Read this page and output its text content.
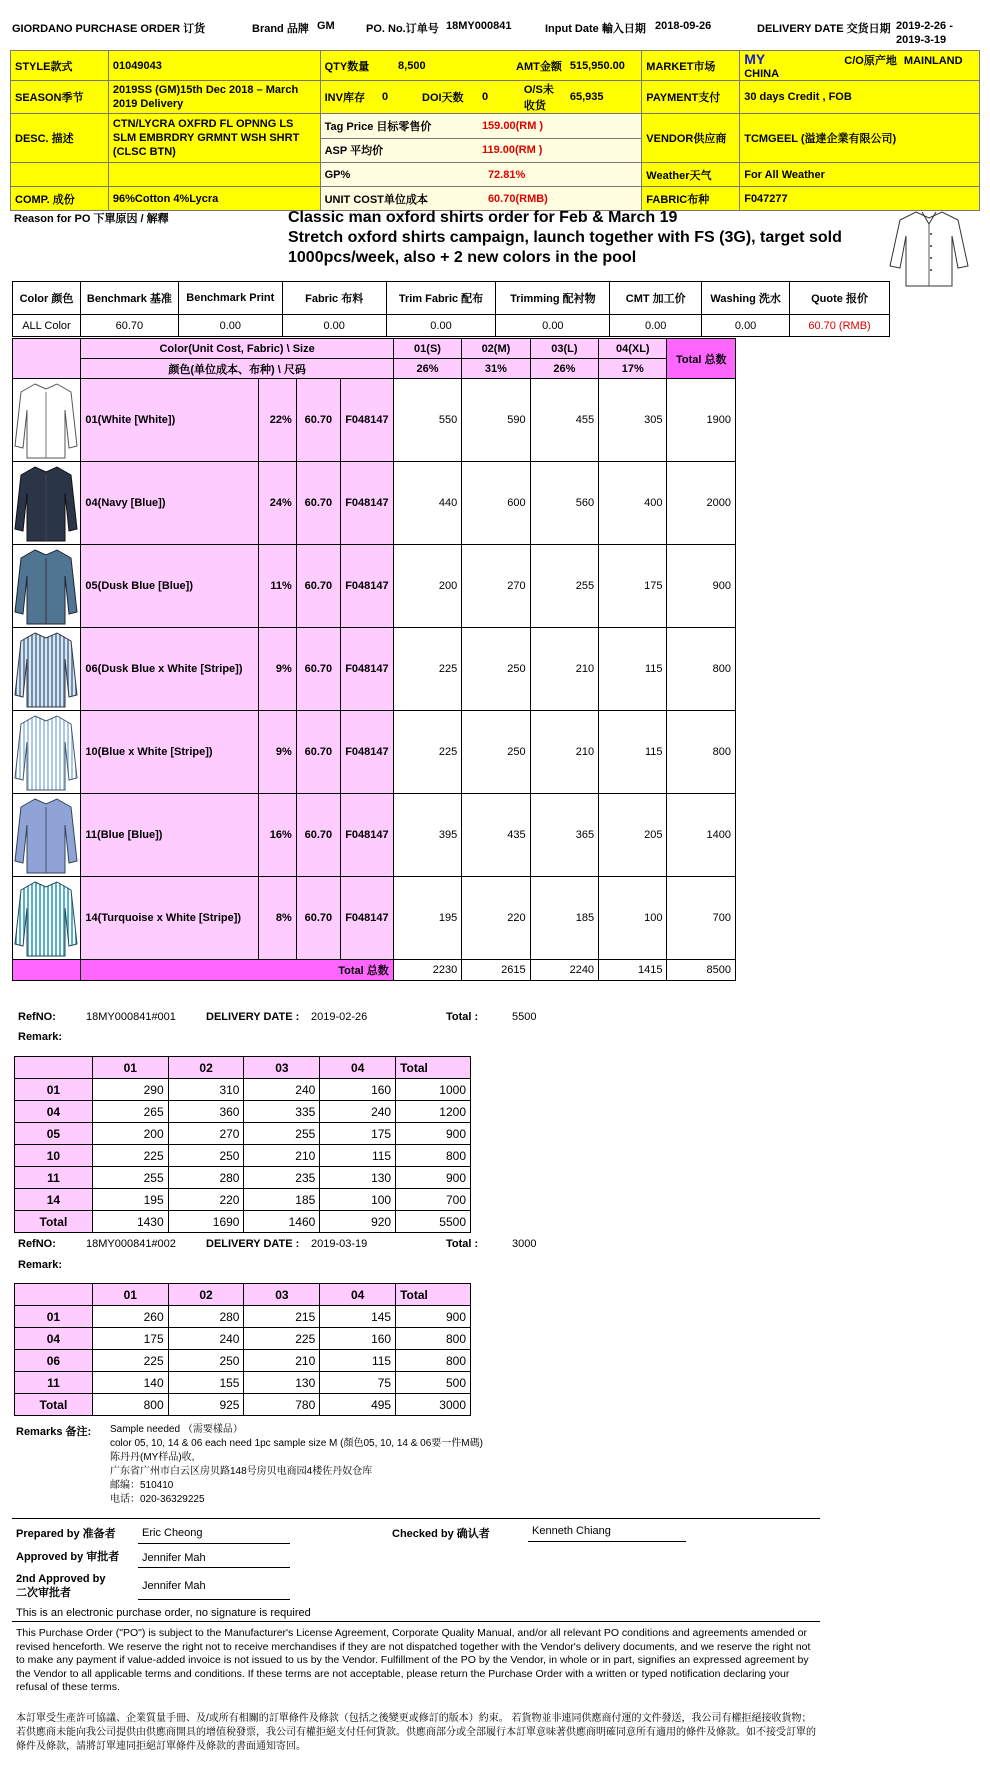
GIORDANO PURCHASE ORDER 订货	Brand 品牌 GM	PO. No.订单号 18MY000841	Input Date 輸入日期 2018-09-26	DELIVERY DATE 交货日期 2019-2-26 -
2019-3-19
STYLE款式	01049043	QTY数量	8,500		AMT金额		515,950.00	MARKET市场	MY C/O原产地 MAINLAND CHINA
SEASON季节	2019SS (GM)15th Dec 2018 – March 2019 Delivery	INV库存	0	DOI天数	0	O/S未收货	65,935	PAYMENT支付	30 days Credit , FOB
DESC. 描述	CTN/LYCRA OXFRD FL OPNNG LS SLM EMBRDRY GRMNT WSH SHRT (CLSC BTN)	Tag Price 目标零售价			159.00(RM )			VENDOR供应商	TCMGEEL (溢達企業有限公司)
		ASP 平均价			119.00(RM )				
		GP%			72.81%			Weather天气	For All Weather
COMP. 成份	96%Cotton 4%Lycra	UNIT COST单位成本			60.70(RMB)			FABRIC布种	F047277
Reason for PO 下單原因 / 解釋	Classic man oxford shirts order for Feb & March 19
Stretch oxford shirts campaign, launch together with FS (3G), target sold
1000pcs/week, also + 2 new colors in the pool
Color 颜色	Benchmark 基准	Benchmark Print	Fabric 布料	Trim Fabric 配布	Trimming 配衬物	CMT 加工价	Washing 洗水	Quote 报价
ALL Color	60.70	0.00	0.00	0.00	0.00	0.00	0.00	60.70 (RMB)
	Color(Unit Cost, Fabric) \ Size				01(S)	02(M)	03(L)	04(XL)	Total 总数
	颜色(单位成本、布种) \ 尺码				26%	31%	26%	17%	

	01(White [White])	22%	60.70	F048147	550	590	455	305	1900

	04(Navy [Blue])	24%	60.70	F048147	440	600	560	400	2000

	05(Dusk Blue [Blue])	11%	60.70	F048147	200	270	255	175	900

	06(Dusk Blue x White [Stripe])	9%	60.70	F048147	225	250	210	115	800

	10(Blue x White [Stripe])	9%	60.70	F048147	225	250	210	115	800

	11(Blue [Blue])	16%	60.70	F048147	395	435	365	205	1400

	14(Turquoise x White [Stripe])	8%	60.70	F048147	195	220	185	100	700
	Total 总数				2230	2615	2240	1415	8500
RefNO:	18MY000841#001	DELIVERY DATE : 2019-02-26	Total :	5500
Remark:
	01	02	03	04	Total
01	290	310	240	160	1000
04	265	360	335	240	1200
05	200	270	255	175	900
10	225	250	210	115	800
11	255	280	235	130	900
14	195	220	185	100	700
Total	1430	1690	1460	920	5500
RefNO:	18MY000841#002	DELIVERY DATE : 2019-03-19	Total :	3000
Remark:
	01	02	03	04	Total
01	260	280	215	145	900
04	175	240	225	160	800
06	225	250	210	115	800
11	140	155	130	75	500
Total	800	925	780	495	3000
Remarks 备注: Sample needed （需要樣品）
color 05, 10, 14 & 06 each need 1pc sample size M (顏色05, 10, 14 & 06要一件M碼)
陈丹丹(MY样品)收,
广东省广州市白云区房贝路148号房贝电商园4楼佐丹奴仓库
邮编：510410
电话：020-36329225
Prepared by 准备者 Eric Cheong	Checked by 确认者	Kenneth Chiang
Approved by 审批者 Jennifer Mah
2nd Approved by
二次审批者
Jennifer Mah
This is an electronic purchase order, no signature is required
This Purchase Order ("PO") is subject to the Manufacturer's License Agreement, Corporate Quality Manual, and/or all relevant PO conditions and agreements amended or revised henceforth. We reserve the right not to receive merchandises if they are not dispatched together with the Vendor's delivery documents, and we reserve the right not to make any payment if value-added invoice is not issued to us by the Vendor. Fulfillment of the PO by the Vendor, in whole or in part, signifies an expressed agreement by the Vendor to all applicable terms and conditions. If these terms are not acceptable, please return the Purchase Order with a written or typed notification declaring your refusal of these terms.
本訂單受生產許可協議、企業質量手冊、及/或所有相關的訂單條件及條款（包括之後變更或修訂的版本）約束。 若貨物並非連同供應商付運的文件發送，我公司有權拒絕接收貨物；若供應商未能向我公司提供由供應商開具的增值稅發票，我公司有權拒絕支付任何貨款。供應商部分或全部履行本訂單意味著供應商明確同意所有適用的條件及條款。如不接受訂單的條件及條款，請將訂單連同拒絕訂單條件及條款的書面通知寄回。
